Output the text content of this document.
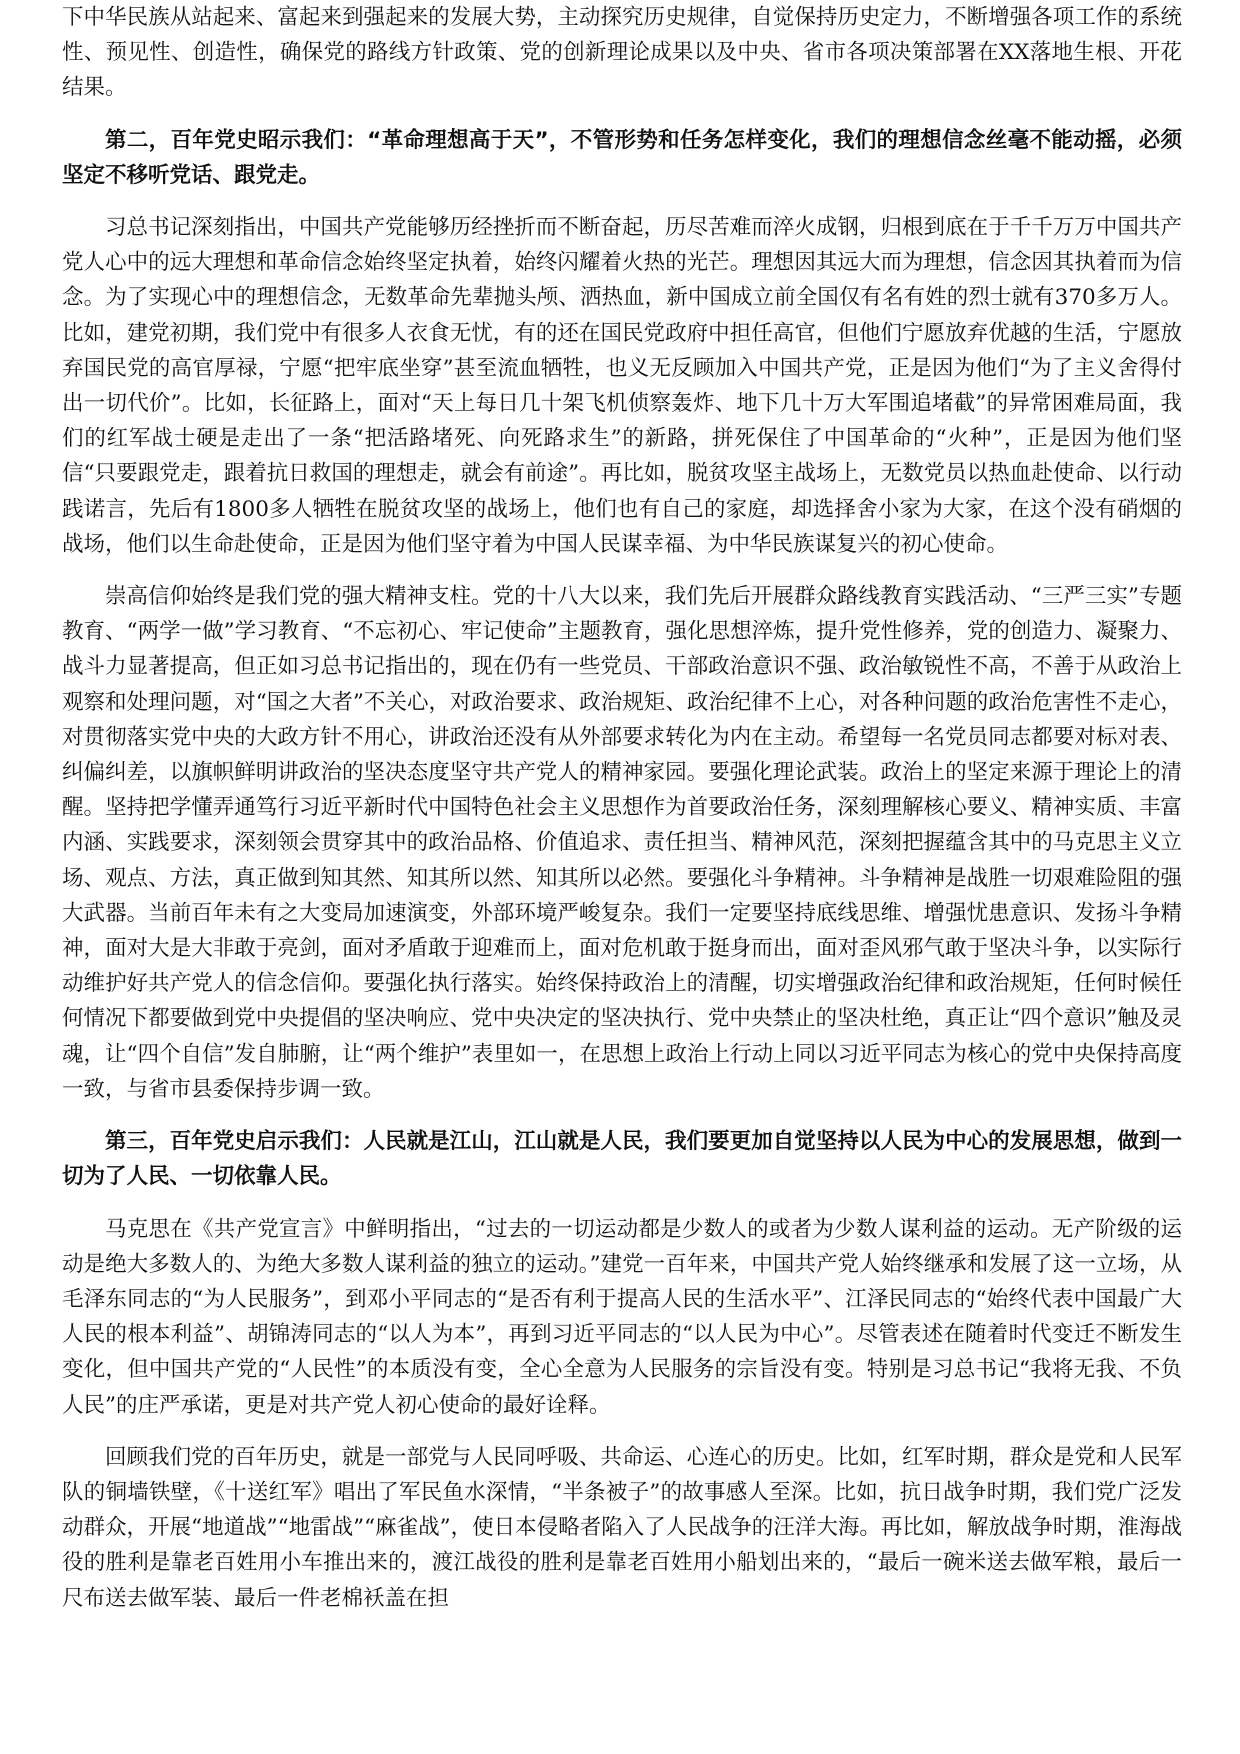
下中华民族从站起来、富起来到强起来的发展大势，主动探究历史规律，自觉保持历史定力，不断增强各项工作的系统性、预见性、创造性，确保党的路线方针政策、党的创新理论成果以及中央、省市各项决策部署在XX落地生根、开花结果。

第二，百年党史昭示我们：“革命理想高于天”，不管形势和任务怎样变化，我们的理想信念丝毫不能动摇，必须坚定不移听党话、跟党走。

习总书记深刻指出，中国共产党能够历经挫折而不断奋起，历尽苦难而淬火成钢，归根到底在于千千万万中国共产党人心中的远大理想和革命信念始终坚定执着，始终闪耀着火热的光芒。理想因其远大而为理想，信念因其执着而为信念。为了实现心中的理想信念，无数革命先辈抛头颅、洒热血，新中国成立前全国仅有名有姓的烈士就有370多万人。比如，建党初期，我们党中有很多人衣食无忧，有的还在国民党政府中担任高官，但他们宁愿放弃优越的生活，宁愿放弃国民党的高官厚禄，宁愿“把牢底坐穿”甚至流血牺牲，也义无反顾加入中国共产党，正是因为他们“为了主义舍得付出一切代价”。比如，长征路上，面对“天上每日几十架飞机侦察轰炸、地下几十万大军围追堵截”的异常困难局面，我们的红军战士硬是走出了一条“把活路堵死、向死路求生”的新路，拼死保住了中国革命的“火种”，正是因为他们坚信“只要跟党走，跟着抗日救国的理想走，就会有前途”。再比如，脱贫攻坚主战场上，无数党员以热血赴使命、以行动践诺言，先后有1800多人牺牲在脱贫攻坚的战场上，他们也有自己的家庭，却选择舍小家为大家，在这个没有硝烟的战场，他们以生命赴使命，正是因为他们坚守着为中国人民谋幸福、为中华民族谋复兴的初心使命。

崇高信仰始终是我们党的强大精神支柱。党的十八大以来，我们先后开展群众路线教育实践活动、“三严三实”专题教育、“两学一做”学习教育、“不忘初心、牢记使命”主题教育，强化思想淬炼，提升党性修养，党的创造力、凝聚力、战斗力显著提高，但正如习总书记指出的，现在仍有一些党员、干部政治意识不强、政治敏锐性不高，不善于从政治上观察和处理问题，对“国之大者”不关心，对政治要求、政治规矩、政治纪律不上心，对各种问题的政治危害性不走心，对贯彻落实党中央的大政方针不用心，讲政治还没有从外部要求转化为内在主动。希望每一名党员同志都要对标对表、纠偏纠差，以旗帜鲜明讲政治的坚决态度坚守共产党人的精神家园。要强化理论武装。政治上的坚定来源于理论上的清醒。坚持把学懂弄通笃行习近平新时代中国特色社会主义思想作为首要政治任务，深刻理解核心要义、精神实质、丰富内涵、实践要求，深刻领会贯穿其中的政治品格、价值追求、责任担当、精神风范，深刻把握蕴含其中的马克思主义立场、观点、方法，真正做到知其然、知其所以然、知其所以必然。要强化斗争精神。斗争精神是战胜一切艰难险阻的强大武器。当前百年未有之大变局加速演变，外部环境严峻复杂。我们一定要坚持底线思维、增强忧患意识、发扬斗争精神，面对大是大非敢于亮剑，面对矛盾敢于迎难而上，面对危机敢于挺身而出，面对歪风邪气敢于坚决斗争，以实际行动维护好共产党人的信念信仰。要强化执行落实。始终保持政治上的清醒，切实增强政治纪律和政治规矩，任何时候任何情况下都要做到党中央提倡的坚决响应、党中央决定的坚决执行、党中央禁止的坚决杜绝，真正让“四个意识”触及灵魂，让“四个自信”发自肺腑，让“两个维护”表里如一，在思想上政治上行动上同以习近平同志为核心的党中央保持高度一致，与省市县委保持步调一致。

第三，百年党史启示我们：人民就是江山，江山就是人民，我们要更加自觉坚持以人民为中心的发展思想，做到一切为了人民、一切依靠人民。

马克思在《共产党宣言》中鲜明指出，“过去的一切运动都是少数人的或者为少数人谋利益的运动。无产阶级的运动是绝大多数人的、为绝大多数人谋利益的独立的运动。”建党一百年来，中国共产党人始终继承和发展了这一立场，从毛泽东同志的“为人民服务”，到邓小平同志的“是否有利于提高人民的生活水平”、江泽民同志的“始终代表中国最广大人民的根本利益”、胡锦涛同志的“以人为本”，再到习近平同志的“以人民为中心”。尽管表述在随着时代变迁不断发生变化，但中国共产党的“人民性”的本质没有变，全心全意为人民服务的宗旨没有变。特别是习总书记“我将无我、不负人民”的庄严承诺，更是对共产党人初心使命的最好诠释。

回顾我们党的百年历史，就是一部党与人民同呼吸、共命运、心连心的历史。比如，红军时期，群众是党和人民军队的铜墙铁壁，《十送红军》唱出了军民鱼水深情，“半条被子”的故事感人至深。比如，抗日战争时期，我们党广泛发动群众，开展“地道战”“地雷战”“麻雀战”，使日本侵略者陷入了人民战争的汪洋大海。再比如，解放战争时期，淮海战役的胜利是靠老百姓用小车推出来的，渡江战役的胜利是靠老百姓用小船划出来的，“最后一碗米送去做军粮，最后一尺布送去做军装、最后一件老棉袄盖在担
